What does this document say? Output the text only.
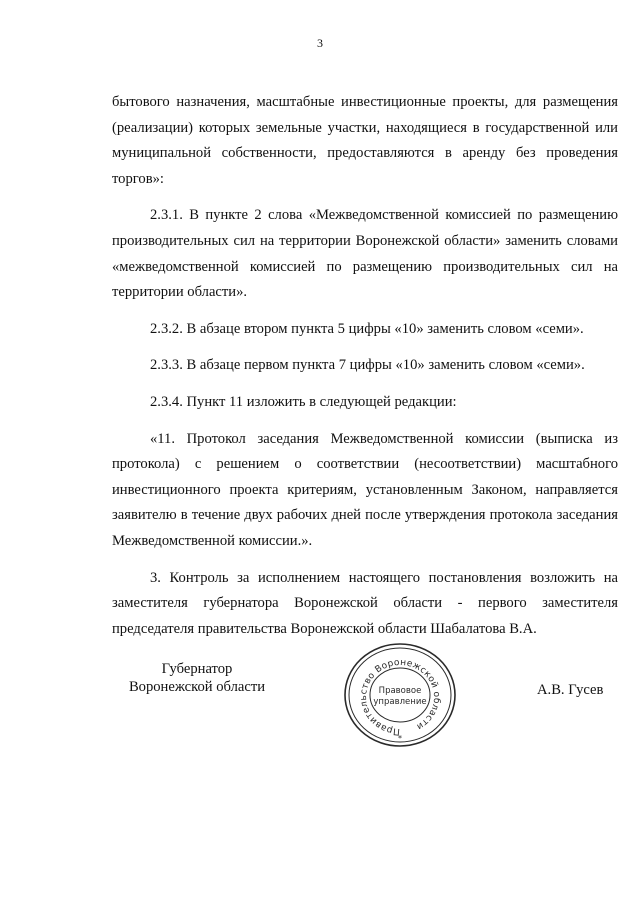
3

бытового назначения, масштабные инвестиционные проекты, для размещения (реализации) которых земельные участки, находящиеся в государственной или муниципальной собственности, предоставляются в аренду без проведения торгов»:

2.3.1. В пункте 2 слова «Межведомственной комиссией по размещению производительных сил на территории Воронежской области» заменить словами «межведомственной комиссией по размещению производительных сил на территории области».

2.3.2. В абзаце втором пункта 5 цифры «10» заменить словом «семи».

2.3.3. В абзаце первом пункта 7 цифры «10» заменить словом «семи».

2.3.4. Пункт 11 изложить в следующей редакции:

«11. Протокол заседания Межведомственной комиссии (выписка из протокола) с решением о соответствии (несоответствии) масштабного инвестиционного проекта критериям, установленным Законом, направляется заявителю в течение двух рабочих дней после утверждения протокола заседания Межведомственной комиссии.».

3. Контроль за исполнением настоящего постановления возложить на заместителя губернатора Воронежской области - первого заместителя председателя правительства Воронежской области Шабалатова В.А.

Губернатор
Воронежской области
Правительство Воронежской области
Правовое
управление
*
А.В. Гусев
